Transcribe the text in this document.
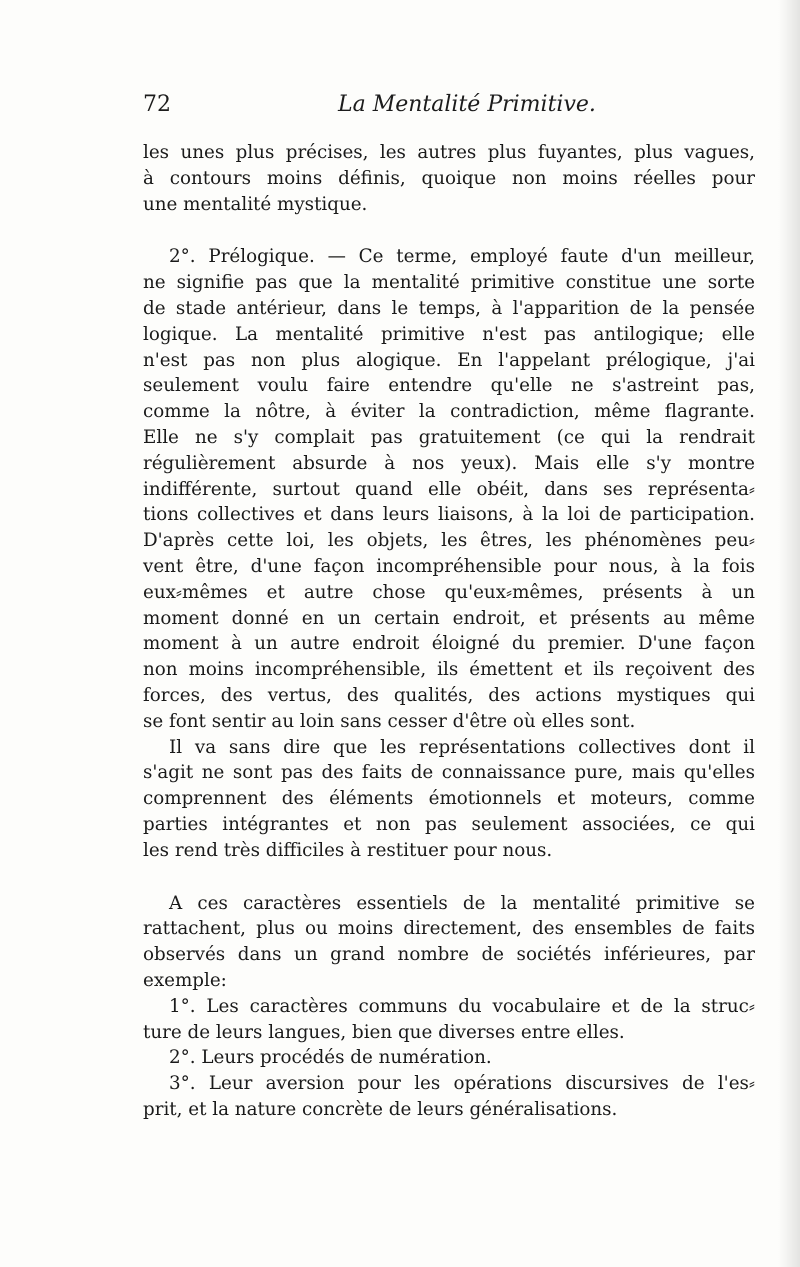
72	La Mentalité Primitive.
les unes plus précises, les autres plus fuyantes, plus vagues,
à contours moins définis, quoique non moins réelles pour
une mentalité mystique.
2°. Prélogique. — Ce terme, employé faute d'un meilleur,
ne signifie pas que la mentalité primitive constitue une sorte
de stade antérieur, dans le temps, à l'apparition de la pensée
logique. La mentalité primitive n'est pas antilogique; elle
n'est pas non plus alogique. En l'appelant prélogique, j'ai
seulement voulu faire entendre qu'elle ne s'astreint pas,
comme la nôtre, à éviter la contradiction, même flagrante.
Elle ne s'y complait pas gratuitement (ce qui la rendrait
régulièrement absurde à nos yeux). Mais elle s'y montre
indifférente, surtout quand elle obéit, dans ses représenta⸗
tions collectives et dans leurs liaisons, à la loi de participation.
D'après cette loi, les objets, les êtres, les phénomènes peu⸗
vent être, d'une façon incompréhensible pour nous, à la fois
eux⸗mêmes et autre chose qu'eux⸗mêmes, présents à un
moment donné en un certain endroit, et présents au même
moment à un autre endroit éloigné du premier. D'une façon
non moins incompréhensible, ils émettent et ils reçoivent des
forces, des vertus, des qualités, des actions mystiques qui
se font sentir au loin sans cesser d'être où elles sont.
Il va sans dire que les représentations collectives dont il
s'agit ne sont pas des faits de connaissance pure, mais qu'elles
comprennent des éléments émotionnels et moteurs, comme
parties intégrantes et non pas seulement associées, ce qui
les rend très difficiles à restituer pour nous.
A ces caractères essentiels de la mentalité primitive se
rattachent, plus ou moins directement, des ensembles de faits
observés dans un grand nombre de sociétés inférieures, par
exemple:
1°. Les caractères communs du vocabulaire et de la struc⸗
ture de leurs langues, bien que diverses entre elles.
2°. Leurs procédés de numération.
3°. Leur aversion pour les opérations discursives de l'es⸗
prit, et la nature concrète de leurs généralisations.
